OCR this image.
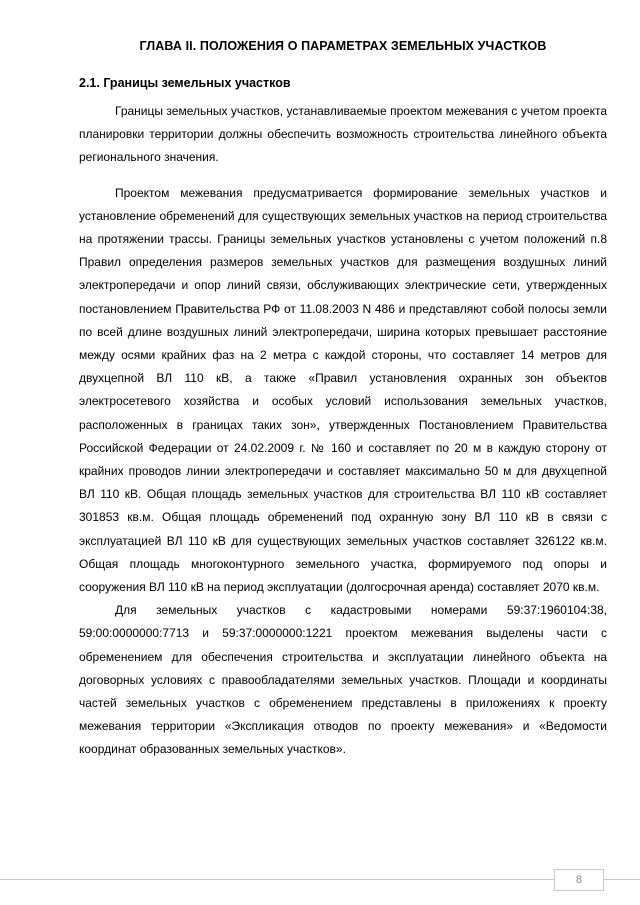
ГЛАВА II. ПОЛОЖЕНИЯ О ПАРАМЕТРАХ ЗЕМЕЛЬНЫХ УЧАСТКОВ
2.1. Границы земельных участков

Границы земельных участков, устанавливаемые проектом межевания с учетом проекта планировки территории должны обеспечить возможность строительства линейного объекта регионального значения.

Проектом межевания предусматривается формирование земельных участков и установление обременений для существующих земельных участков на период строительства на протяжении трассы. Границы земельных участков установлены с учетом положений п.8 Правил определения размеров земельных участков для размещения воздушных линий электропередачи и опор линий связи, обслуживающих электрические сети, утвержденных постановлением Правительства РФ от 11.08.2003 N 486 и представляют собой полосы земли по всей длине воздушных линий электропередачи, ширина которых превышает расстояние между осями крайних фаз на 2 метра с каждой стороны, что составляет 14 метров для двухцепной ВЛ 110 кВ, а также «Правил установления охранных зон объектов электросетевого хозяйства и особых условий использования земельных участков, расположенных в границах таких зон», утвержденных Постановлением Правительства Российской Федерации от 24.02.2009 г. № 160 и составляет по 20 м в каждую сторону от крайних проводов линии электропередачи и составляет максимально 50 м для двухцепной ВЛ 110 кВ. Общая площадь земельных участков для строительства ВЛ 110 кВ составляет 301853 кв.м. Общая площадь обременений под охранную зону ВЛ 110 кВ в связи с эксплуатацией ВЛ 110 кВ для существующих земельных участков составляет 326122 кв.м. Общая площадь многоконтурного земельного участка, формируемого под опоры и сооружения ВЛ 110 кВ на период эксплуатации (долгосрочная аренда) составляет 2070 кв.м.

Для земельных участков с кадастровыми номерами 59:37:1960104:38, 59:00:0000000:7713 и 59:37:0000000:1221 проектом межевания выделены части с обременением для обеспечения строительства и эксплуатации линейного объекта на договорных условиях с правообладателями земельных участков. Площади и координаты частей земельных участков с обременением представлены в приложениях к проекту межевания территории «Экспликация отводов по проекту межевания» и «Ведомости координат образованных земельных участков».

8
